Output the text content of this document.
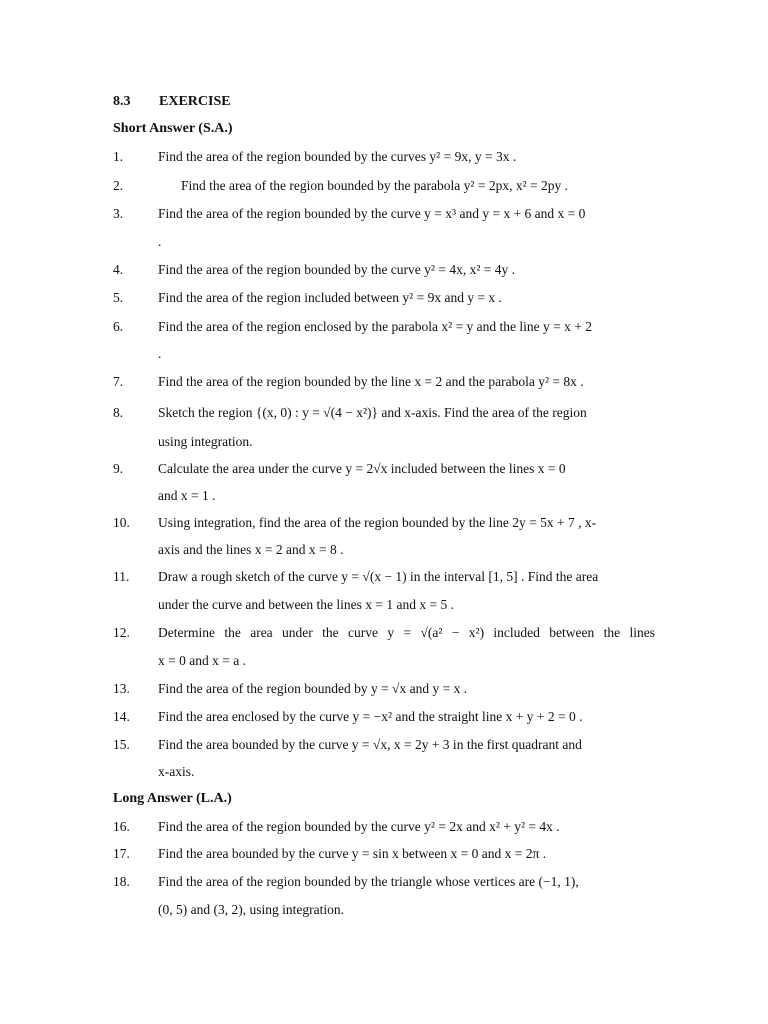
8.3 EXERCISE
Short Answer (S.A.)
1.	Find the area of the region bounded by the curves y² = 9x, y = 3x .
2.	Find the area of the region bounded by the parabola y² = 2px, x² = 2py .
3.	Find the area of the region bounded by the curve y = x³ and y = x + 6 and x = 0
.
4.	Find the area of the region bounded by the curve y² = 4x, x² = 4y .
5.	Find the area of the region included between y² = 9x and y = x .
6.	Find the area of the region enclosed by the parabola x² = y and the line y = x + 2
.
7.	Find the area of the region bounded by the line x = 2 and the parabola y² = 8x .
8.	Sketch the region {(x, 0) : y = √(4 − x²)} and x-axis. Find the area of the region
using integration.
9.	Calculate the area under the curve y = 2√x included between the lines x = 0
and x = 1 .
10. Using integration, find the area of the region bounded by the line 2y = 5x + 7 , x-
axis and the lines x = 2 and x = 8 .
11. Draw a rough sketch of the curve y = √(x − 1) in the interval [1, 5] . Find the area
under the curve and between the lines x = 1 and x = 5 .
12. Determine the area under the curve y = √(a² − x²) included between the lines
x = 0 and x = a .
13. Find the area of the region bounded by y = √x and y = x .
14. Find the area enclosed by the curve y = −x² and the straight line x + y + 2 = 0 .
15. Find the area bounded by the curve y = √x, x = 2y + 3 in the first quadrant and
x-axis.
Long Answer (L.A.)
16. Find the area of the region bounded by the curve y² = 2x and x² + y² = 4x .
17. Find the area bounded by the curve y = sin x between x = 0 and x = 2π .
18. Find the area of the region bounded by the triangle whose vertices are (−1, 1),
(0, 5) and (3, 2), using integration.
